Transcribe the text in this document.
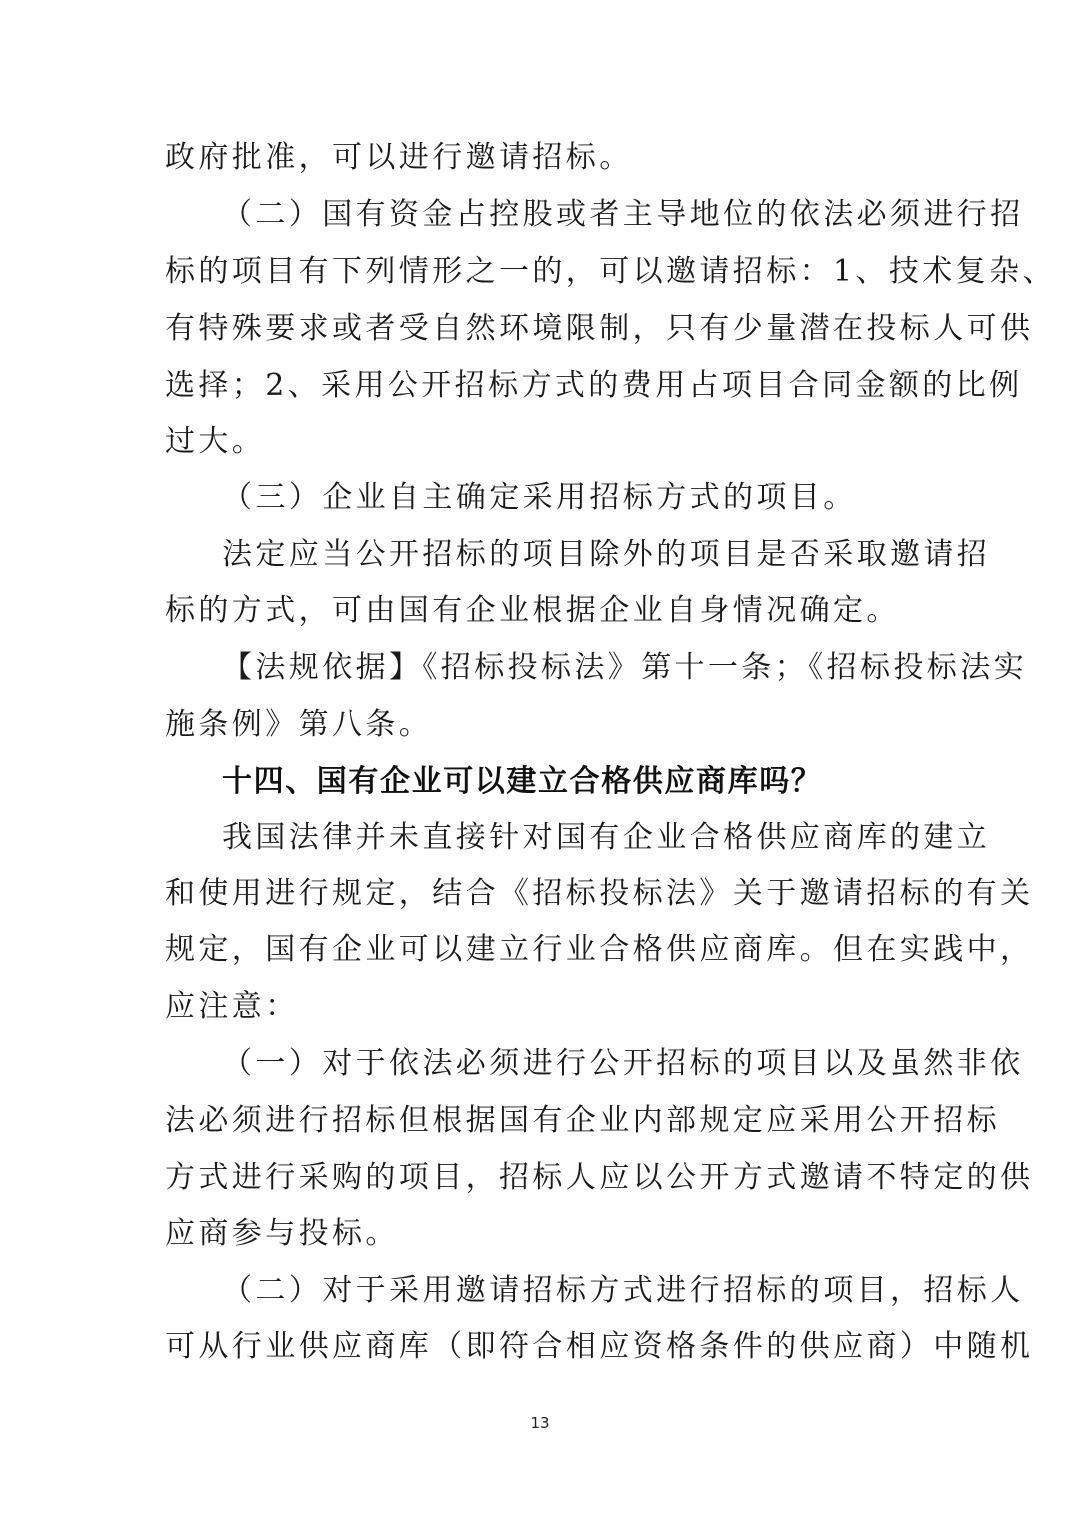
政府批准，可以进行邀请招标。
（二）国有资金占控股或者主导地位的依法必须进行招
标的项目有下列情形之一的，可以邀请招标：1、技术复杂、
有特殊要求或者受自然环境限制，只有少量潜在投标人可供
选择；2、采用公开招标方式的费用占项目合同金额的比例
过大。
（三）企业自主确定采用招标方式的项目。
法定应当公开招标的项目除外的项目是否采取邀请招
标的方式，可由国有企业根据企业自身情况确定。
【法规依据】《招标投标法》第十一条；《招标投标法实
施条例》第八条。
十四、国有企业可以建立合格供应商库吗？
我国法律并未直接针对国有企业合格供应商库的建立
和使用进行规定，结合《招标投标法》关于邀请招标的有关
规定，国有企业可以建立行业合格供应商库。但在实践中，
应注意：
（一）对于依法必须进行公开招标的项目以及虽然非依
法必须进行招标但根据国有企业内部规定应采用公开招标
方式进行采购的项目，招标人应以公开方式邀请不特定的供
应商参与投标。
（二）对于采用邀请招标方式进行招标的项目，招标人
可从行业供应商库（即符合相应资格条件的供应商）中随机
13
